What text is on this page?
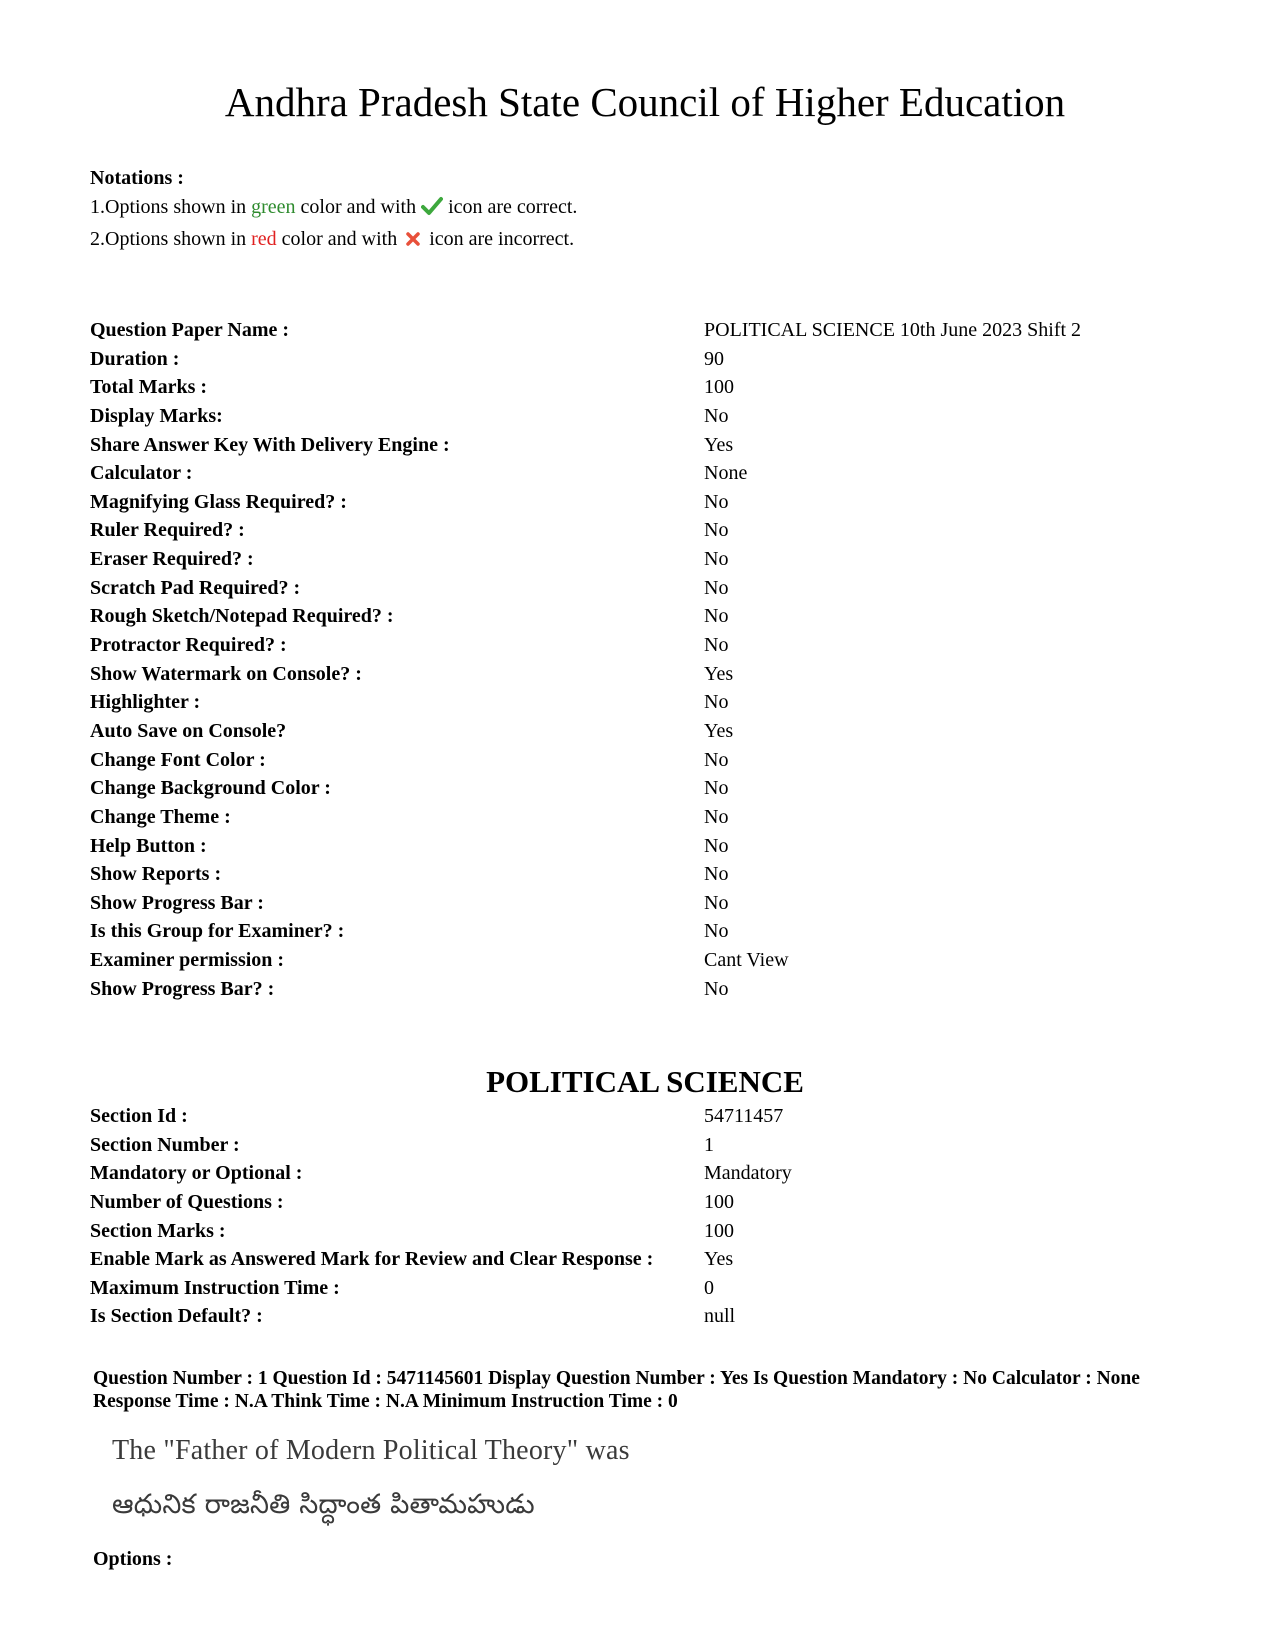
Andhra Pradesh State Council of Higher Education
Notations :
1.Options shown in green color and with  icon are correct.
2.Options shown in red color and with  icon are incorrect.
Question Paper Name :	POLITICAL SCIENCE 10th June 2023 Shift 2
Duration :	90
Total Marks :	100
Display Marks:	No
Share Answer Key With Delivery Engine :	Yes
Calculator :	None
Magnifying Glass Required? :	No
Ruler Required? :	No
Eraser Required? :	No
Scratch Pad Required? :	No
Rough Sketch/Notepad Required? :	No
Protractor Required? :	No
Show Watermark on Console? :	Yes
Highlighter :	No
Auto Save on Console?	Yes
Change Font Color :	No
Change Background Color :	No
Change Theme :	No
Help Button :	No
Show Reports :	No
Show Progress Bar :	No
Is this Group for Examiner? :	No
Examiner permission :	Cant View
Show Progress Bar? :	No
POLITICAL SCIENCE
Section Id :	54711457
Section Number :	1
Mandatory or Optional :	Mandatory
Number of Questions :	100
Section Marks :	100
Enable Mark as Answered Mark for Review and Clear Response :	Yes
Maximum Instruction Time :	0
Is Section Default? :	null
Question Number : 1 Question Id : 5471145601 Display Question Number : Yes Is Question Mandatory : No Calculator : None Response Time : N.A Think Time : N.A Minimum Instruction Time : 0
The "Father of Modern Political Theory" was
ఆధునిక రాజనీతి సిద్ధాంత పితామహుడు
Options :
